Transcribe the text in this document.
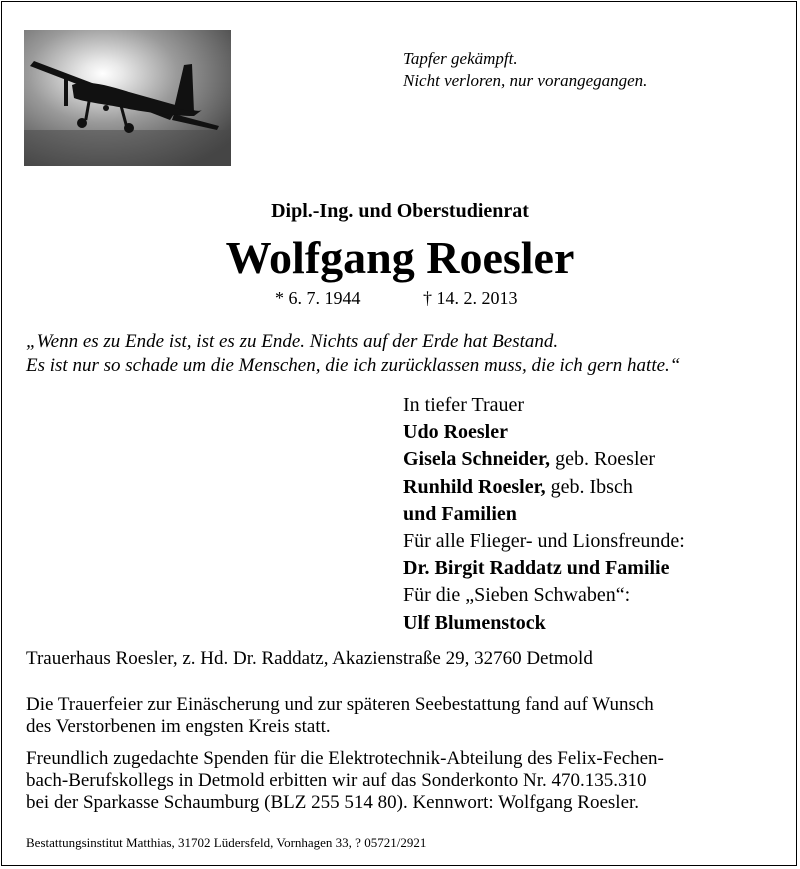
Tapfer gekämpft.
Nicht verloren, nur vorangegangen.
Dipl.-Ing. und Oberstudienrat
Wolfgang Roesler
* 6. 7. 1944	† 14. 2. 2013
„Wenn es zu Ende ist, ist es zu Ende. Nichts auf der Erde hat Bestand.
Es ist nur so schade um die Menschen, die ich zurücklassen muss, die ich gern hatte.“
In tiefer Trauer
Udo Roesler
Gisela Schneider, geb. Roesler
Runhild Roesler, geb. Ibsch
und Familien
Für alle Flieger- und Lionsfreunde:
Dr. Birgit Raddatz und Familie
Für die „Sieben Schwaben“:
Ulf Blumenstock
Trauerhaus Roesler, z. Hd. Dr. Raddatz, Akazienstraße 29, 32760 Detmold
Die Trauerfeier zur Einäscherung und zur späteren Seebestattung fand auf Wunsch
des Verstorbenen im engsten Kreis statt.
Freundlich zugedachte Spenden für die Elektrotechnik-Abteilung des Felix-Fechen-
bach-Berufskollegs in Detmold erbitten wir auf das Sonderkonto Nr. 470.135.310
bei der Sparkasse Schaumburg (BLZ 255 514 80). Kennwort: Wolfgang Roesler.
Bestattungsinstitut Matthias, 31702 Lüdersfeld, Vornhagen 33, ? 05721/2921
